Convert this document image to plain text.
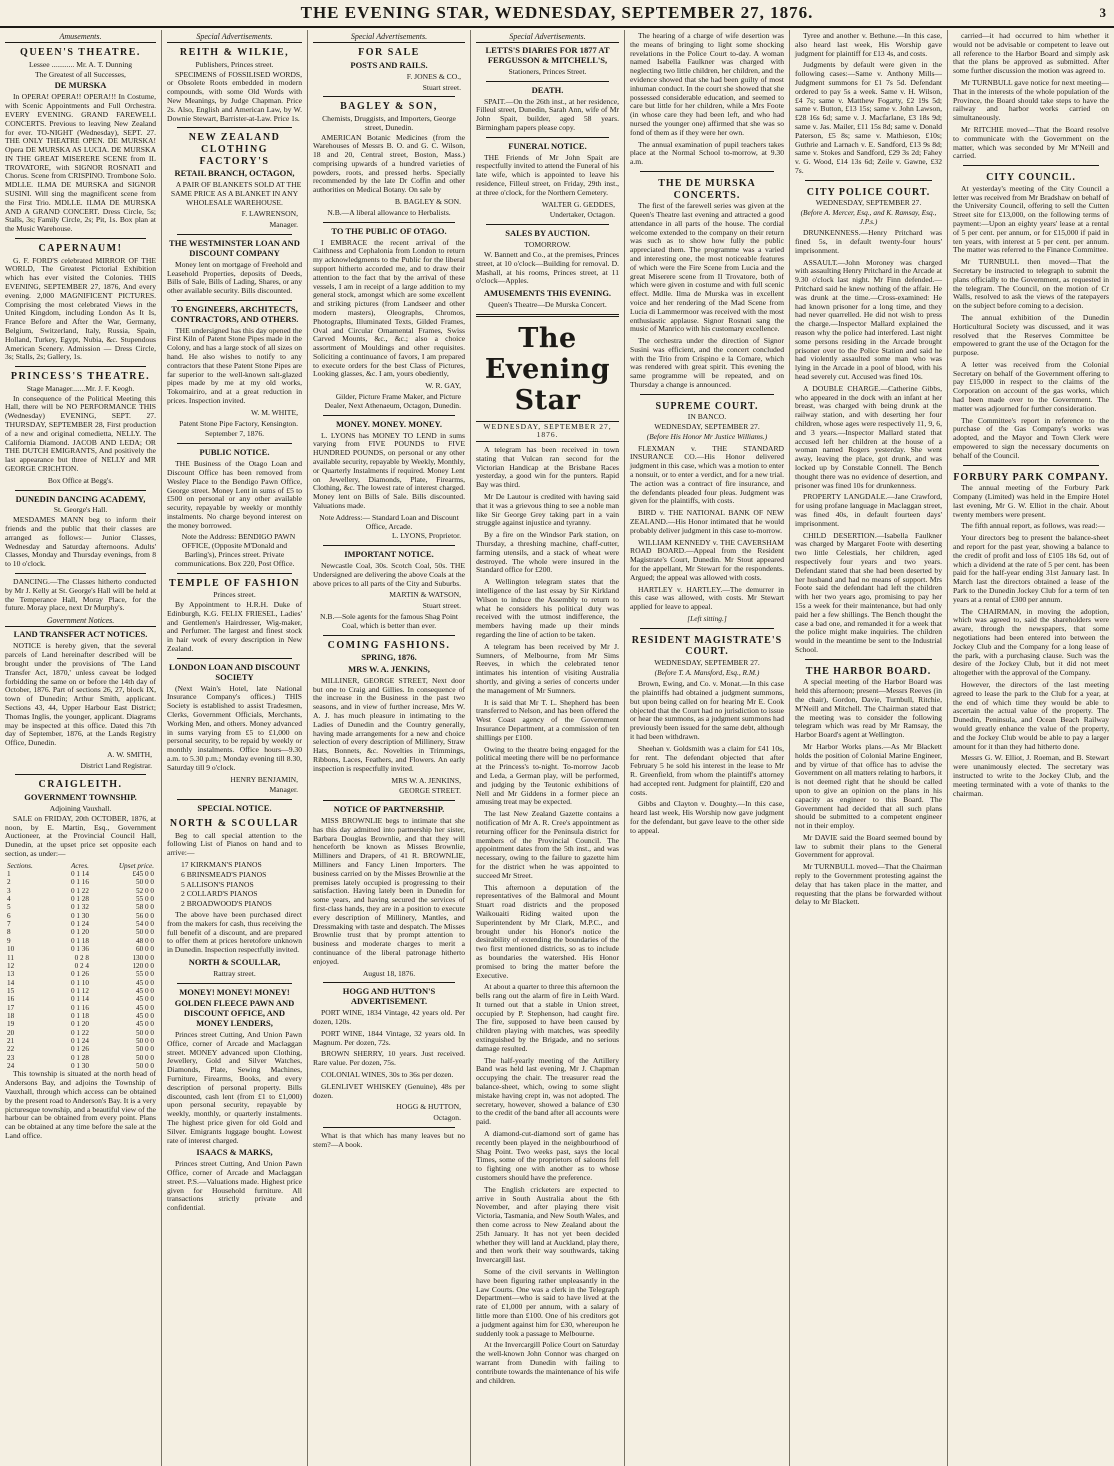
THE EVENING STAR, WEDNESDAY, SEPTEMBER 27, 1876.	3
Amusements.
QUEEN'S THEATRE.
Lessee ............ Mr. A. T. Dunning
The Greatest of all Successes,
DE MURSKA

In OPERA! OPERA!! OPERA!!! In Costume, with Scenic Appointments and Full Orchestra. EVERY EVENING. GRAND FAREWELL CONCERTS. Previous to leaving New Zealand for ever. TO-NIGHT (Wednesday), SEPT. 27. THE ONLY THEATRE OPEN. DE MURSKA! Opera DE MURSKA AS LUCIA. DE MURSKA IN THE GREAT MISERERE SCENE from IL TROVATORE, with SIGNOR ROSNATI and Chorus. Scene from CRISPINO. Trombone Solo. MDLLE. ILMA DE MURSKA and SIGNOR SUSINI. Will sing the magnificent scene from the First Trio. MDLLE. ILMA DE MURSKA AND A GRAND CONCERT. Dress Circle, 5s; Stalls, 3s; Family Circle, 2s; Pit, 1s. Box plan at the Music Warehouse.

CAPERNAUM!

G. F. FORD'S celebrated MIRROR OF THE WORLD, The Greatest Pictorial Exhibition which has ever visited the Colonies. THIS EVENING, SEPTEMBER 27, 1876, And every evening. 2,000 MAGNIFICENT PICTURES. Comprising the most celebrated Views in the United Kingdom, including London As It Is, France Before and After the War, Germany, Belgium, Switzerland, Italy, Russia, Spain, Holland, Turkey, Egypt, Nubia, &c. Stupendous American Scenery. Admission — Dress Circle, 3s; Stalls, 2s; Gallery, 1s.

PRINCESS'S THEATRE.
Stage Manager.......Mr. J. F. Keogh.

In consequence of the Political Meeting this Hall, there will be NO PERFORMANCE THIS (Wednesday) EVENING, SEPT. 27. THURSDAY, SEPTEMBER 28, First production of a new and original comedietta, NELLY. The California Diamond. JACOB AND LEDA; OR THE DUTCH EMIGRANTS, And positively the last appearance but three of NELLY and MR GEORGE CRICHTON.

Box Office at Begg's.
DUNEDIN DANCING ACADEMY,
St. George's Hall.

MESDAMES MANN beg to inform their friends and the public that their classes are arranged as follows:— Junior Classes, Wednesday and Saturday afternoons. Adults' Classes, Monday and Thursday evenings, from 8 to 10 o'clock.

DANCING.—The Classes hitherto conducted by Mr J. Kelly at St. George's Hall will be held at the Temperance Hall, Moray Place, for the future. Moray place, next Dr Murphy's.

Government Notices.
LAND TRANSFER ACT NOTICES.

NOTICE is hereby given, that the several parcels of Land hereinafter described will be brought under the provisions of 'The Land Transfer Act, 1870,' unless caveat be lodged forbidding the same on or before the 14th day of October, 1876. Part of sections 26, 27, block IX, town of Dunedin; Arthur Smith, applicant. Sections 43, 44, Upper Harbour East District; Thomas Inglis, the younger, applicant. Diagrams may be inspected at this office. Dated this 7th day of September, 1876, at the Lands Registry Office, Dunedin.

A. W. SMITH,
District Land Registrar.
CRAIGLEITH.
GOVERNMENT TOWNSHIP.
Adjoining Vauxhall.

SALE on FRIDAY, 20th OCTOBER, 1876, at noon, by E. Martin, Esq., Government Auctioneer, at the Provincial Council Hall, Dunedin, at the upset price set opposite each section, as under:—

Sections.	Acres.	Upset price.
1	0 1 14	£45 0 0
2	0 1 16	50 0 0
3	0 1 22	52 0 0
4	0 1 28	55 0 0
5	0 1 32	58 0 0
6	0 1 30	56 0 0
7	0 1 24	54 0 0
8	0 1 20	50 0 0
9	0 1 18	48 0 0
10	0 1 36	60 0 0
11	0 2 8	130 0 0
12	0 2 4	120 0 0
13	0 1 26	55 0 0
14	0 1 10	45 0 0
15	0 1 12	45 0 0
16	0 1 14	45 0 0
17	0 1 16	45 0 0
18	0 1 18	45 0 0
19	0 1 20	45 0 0
20	0 1 22	50 0 0
21	0 1 24	50 0 0
22	0 1 26	50 0 0
23	0 1 28	50 0 0
24	0 1 30	50 0 0

This township is situated at the north head of Andersons Bay, and adjoins the Township of Vauxhall, through which access can be obtained by the present road to Anderson's Bay. It is a very picturesque township, and a beautiful view of the harbour can be obtained from every point. Plans can be obtained at any time before the sale at the Land office.

Special Advertisements.
REITH & WILKIE,
Publishers, Princes street.

SPECIMENS of FOSSILISED WORDS, or Obsolete Roots embedded in modern compounds, with some Old Words with New Meanings, by Judge Chapman. Price 2s. Also, English and American Law, by W. Downie Stewart, Barrister-at-Law. Price 1s.

NEW ZEALAND CLOTHING FACTORY'S
RETAIL BRANCH, OCTAGON,

A PAIR OF BLANKETS SOLD AT THE SAME PRICE AS A BLANKET IN ANY WHOLESALE WAREHOUSE.

F. LAWRENSON,
Manager.
THE WESTMINSTER LOAN AND DISCOUNT COMPANY

Money lent on mortgage of Freehold and Leasehold Properties, deposits of Deeds, Bills of Sale, Bills of Lading, Shares, or any other available security. Bills discounted.

TO ENGINEERS, ARCHITECTS, CONTRACTORS, AND OTHERS.

THE undersigned has this day opened the First Kiln of Patent Stone Pipes made in the Colony, and has a large stock of all sizes on hand. He also wishes to notify to any contractors that these Patent Stone Pipes are far superior to the well-known salt-glazed pipes made by me at my old works, Tokomairiro, and at a great reduction in prices. Inspection invited.

W. M. WHITE,
Patent Stone Pipe Factory, Kensington.
September 7, 1876.
PUBLIC NOTICE.

THE Business of the Otago Loan and Discount Office has been removed from Wesley Place to the Bendigo Pawn Office, George street. Money Lent in sums of £5 to £500 on personal or any other available security, repayable by weekly or monthly instalments. No charge beyond interest on the money borrowed.

Note the Address: BENDIGO PAWN OFFICE, (Opposite M'Donald and Barling's), Princes street. Private communications. Box 220, Post Office.

TEMPLE OF FASHION
Princes street.

By Appointment to H.R.H. Duke of Edinburgh, K.G. FELIX FRIESEL, Ladies' and Gentlemen's Hairdresser, Wig-maker, and Perfumer. The largest and finest stock in hair work of every description in New Zealand.

LONDON LOAN AND DISCOUNT SOCIETY

(Next Wain's Hotel, late National Insurance Company's offices.) THIS Society is established to assist Tradesmen, Clerks, Government Officials, Merchants, Working Men, and others. Money advanced in sums varying from £5 to £1,000 on personal security, to be repaid by weekly or monthly instalments. Office hours—9.30 a.m. to 5.30 p.m.; Monday evening till 8.30, Saturday till 9 o'clock.

HENRY BENJAMIN,
Manager.
SPECIAL NOTICE.
NORTH & SCOULLAR

Beg to call special attention to the following List of Pianos on hand and to arrive:—

17 KIRKMAN'S PIANOS
6 BRINSMEAD'S PIANOS
5 ALLISON'S PIANOS
2 COLLARD'S PIANOS
2 BROADWOOD'S PIANOS

The above have been purchased direct from the makers for cash, thus receiving the full benefit of a discount, and are prepared to offer them at prices heretofore unknown in Dunedin. Inspection respectfully invited.

NORTH & SCOULLAR,
Rattray street.
MONEY! MONEY! MONEY!
GOLDEN FLEECE PAWN AND DISCOUNT OFFICE, AND MONEY LENDERS,

Princes street Cutting, And Union Pawn Office, corner of Arcade and Maclaggan street. MONEY advanced upon Clothing, Jewellery, Gold and Silver Watches, Diamonds, Plate, Sewing Machines, Furniture, Firearms, Books, and every description of personal property. Bills discounted, cash lent (from £1 to £1,000) upon personal security, repayable by weekly, monthly, or quarterly instalments. The highest price given for old Gold and Silver. Emigrants luggage bought. Lowest rate of interest charged.

ISAACS & MARKS,

Princes street Cutting, And Union Pawn Office, corner of Arcade and Maclaggan street. P.S.—Valuations made. Highest price given for Household furniture. All transactions strictly private and confidential.

Special Advertisements.
FOR SALE
POSTS AND RAILS.
F. JONES & CO.,
Stuart street.
BAGLEY & SON,
Chemists, Druggists, and Importers, George street, Dunedin.

AMERICAN Botanic Medicines (from the Warehouses of Messrs B. O. and G. C. Wilson, 18 and 20, Central street, Boston, Mass.) comprising upwards of a hundred varieties of powders, roots, and pressed herbs. Specially recommended by the late Dr Coffin and other authorities on Medical Botany. On sale by

B. BAGLEY & SON.
N.B.—A liberal allowance to Herbalists.
TO THE PUBLIC OF OTAGO.

I EMBRACE the recent arrival of the Caithness and Cephalonia from London to return my acknowledgments to the Public for the liberal support hitherto accorded me, and to draw their attention to the fact that by the arrival of these vessels, I am in receipt of a large addition to my general stock, amongst which are some excellent and striking pictures (from Landseer and other modern masters), Oleographs, Chromos, Photographs, Illuminated Texts, Gilded Frames, Oval and Circular Ornamental Frames, Swiss Carved Mounts, &c., &c.; also a choice assortment of Mouldings and other requisites. Soliciting a continuance of favors, I am prepared to execute orders for the best Class of Pictures, Looking glasses, &c. I am, yours obediently,

W. R. GAY,
Gilder, Picture Frame Maker, and Picture Dealer, Next Athenaeum, Octagon, Dunedin.
MONEY. MONEY. MONEY.

L. LYONS has MONEY TO LEND in sums varying from FIVE POUNDS to FIVE HUNDRED POUNDS, on personal or any other available security, repayable by Weekly, Monthly, or Quarterly Instalments if required. Money Lent on Jewellery, Diamonds, Plate, Firearms, Clothing, &c. The lowest rate of interest charged. Money lent on Bills of Sale. Bills discounted. Valuations made.

Note Address:— Standard Loan and Discount Office, Arcade.
L. LYONS, Proprietor.
IMPORTANT NOTICE.

Newcastle Coal, 30s. Scotch Coal, 50s. THE Undersigned are delivering the above Coals at the above prices to all parts of the City and Suburbs.

MARTIN & WATSON,
Stuart street.
N.B.—Sole agents for the famous Shag Point Coal, which is better than ever.
COMING FASHIONS.
SPRING, 1876.
MRS W. A. JENKINS,

MILLINER, GEORGE STREET, Next door but one to Craig and Gillies. In consequence of the increase in the Business in the past two seasons, and in view of further increase, Mrs W. A. J. has much pleasure in intimating to the Ladies of Dunedin and the Country generally, having made arrangements for a new and choice selection of every description of Millinery, Straw Hats, Bonnets, &c. Novelties in Trimmings, Ribbons, Laces, Feathers, and Flowers. An early inspection is respectfully invited.

MRS W. A. JENKINS,
GEORGE STREET.
NOTICE OF PARTNERSHIP.

MISS BROWNLIE begs to intimate that she has this day admitted into partnership her sister, Barbara Douglas Brownlie, and that they will henceforth be known as Misses Brownlie, Milliners and Drapers, of 41 R. BROWNLIE, Milliners and Fancy Linen Importers. The business carried on by the Misses Brownlie at the premises lately occupied is progressing to their satisfaction. Having lately been in Dunedin for some years, and having secured the services of first-class hands, they are in a position to execute every description of Millinery, Mantles, and Dressmaking with taste and despatch. The Misses Brownlie trust that by prompt attention to business and moderate charges to merit a continuance of the liberal patronage hitherto enjoyed.

August 18, 1876.
HOGG AND HUTTON'S ADVERTISEMENT.

PORT WINE, 1834 Vintage, 42 years old. Per dozen, 120s.

PORT WINE, 1844 Vintage, 32 years old. In Magnum. Per dozen, 72s.

BROWN SHERRY, 10 years. Just received. Rare value. Per dozen, 75s.

COLONIAL WINES, 30s to 36s per dozen.

GLENLIVET WHISKEY (Genuine), 48s per dozen.

HOGG & HUTTON,
Octagon.

What is that which has many leaves but no stem?—A book.

Special Advertisements.
LETTS'S DIARIES FOR 1877 AT FERGUSSON & MITCHELL'S,
Stationers, Princes Street.
DEATH.

SPAIT.—On the 26th inst., at her residence, Filleul street, Dunedin, Sarah Ann, wife of Mr John Spait, builder, aged 58 years. Birmingham papers please copy.

FUNERAL NOTICE.

THE Friends of Mr John Spait are respectfully invited to attend the Funeral of his late wife, which is appointed to leave his residence, Filleul street, on Friday, 29th inst., at three o'clock, for the Northern Cemetery.

WALTER G. GEDDES,
Undertaker, Octagon.
SALES BY AUCTION.
TOMORROW.

W. Bannett and Co., at the premises, Princes street, at 10 o'clock—Building for removal. D. Mashall, at his rooms, Princes street, at 11 o'clock—Apples.

AMUSEMENTS THIS EVENING.
Queen's Theatre—De Murska Concert.
The Evening Star
WEDNESDAY, SEPTEMBER 27, 1876.

A telegram has been received in town stating that Vulcan ran second for the Victorian Handicap at the Brisbane Races yesterday, a good win for the punters. Rapid Bay was third.

Mr De Lautour is credited with having said that it was a grievous thing to see a noble man like Sir George Grey taking part in a vain struggle against injustice and tyranny.

By a fire on the Windsor Park station, on Thursday, a threshing machine, chaff-cutter, farming utensils, and a stack of wheat were destroyed. The whole were insured in the Standard office for £200.

A Wellington telegram states that the intelligence of the last essay by Sir Kirkland Wilson to induce the Assembly to return to what he considers his political duty was received with the utmost indifference, the members having made up their minds regarding the line of action to be taken.

A telegram has been received by Mr J. Sumners, of Melbourne, from Mr Sims Reeves, in which the celebrated tenor intimates his intention of visiting Australia shortly, and giving a series of concerts under the management of Mr Sumners.

It is said that Mr T. L. Shepherd has been transferred to Nelson, and has been offered the West Coast agency of the Government Insurance Department, at a commission of ten shillings per £100.

Owing to the theatre being engaged for the political meeting there will be no performance at the Princess's to-night. To-morrow Jacob and Leda, a German play, will be performed, and judging by the Teutonic exhibitions of Nell and Mr Giddens in a former piece an amusing treat may be expected.

The last New Zealand Gazette contains a notification of Mr A. R. Cree's appointment as returning officer for the Peninsula district for members of the Provincial Council. The appointment dates from the 5th inst., and was necessary, owing to the failure to gazette him for the district when he was appointed to succeed Mr Street.

This afternoon a deputation of the representatives of the Balmoral and Mount Stuart road districts and the proposed Waikouaiti Riding waited upon the Superintendent by Mr Clark, M.P.C., and brought under his Honor's notice the desirability of extending the boundaries of the two first mentioned districts, so as to include as boundaries the watershed. His Honor promised to bring the matter before the Executive.

At about a quarter to three this afternoon the bells rang out the alarm of fire in Leith Ward. It turned out that a stable in Union street, occupied by P. Stephenson, had caught fire. The fire, supposed to have been caused by children playing with matches, was speedily extinguished by the Brigade, and no serious damage resulted.

The half-yearly meeting of the Artillery Band was held last evening, Mr J. Chapman occupying the chair. The treasurer read the balance-sheet, which, owing to some slight mistake having crept in, was not adopted. The secretary, however, showed a balance of £30 to the credit of the band after all accounts were paid.

A diamond-cut-diamond sort of game has recently been played in the neighbourhood of Shag Point. Two weeks past, says the local Times, some of the proprietors of saloons fell to fighting one with another as to whose customers should have the preference.

The English cricketers are expected to arrive in South Australia about the 6th November, and after playing there visit Victoria, Tasmania, and New South Wales, and then come across to New Zealand about the 25th January. It has not yet been decided whether they will land at Auckland, play there, and then work their way southwards, taking Invercargill last.

Some of the civil servants in Wellington have been figuring rather unpleasantly in the Law Courts. One was a clerk in the Telegraph Department—who is said to have lived at the rate of £1,000 per annum, with a salary of little more than £100. One of his creditors got a judgment against him for £30, whereupon he suddenly took a passage to Melbourne.

At the Invercargill Police Court on Saturday the well-known John Connor was charged on warrant from Dunedin with failing to contribute towards the maintenance of his wife and children.

The hearing of a charge of wife desertion was the means of bringing to light some shocking revelations in the Police Court to-day. A woman named Isabella Faulkner was charged with neglecting two little children, her children, and the evidence showed that she had been guilty of most inhuman conduct. In the court she showed that she possessed considerable education, and seemed to care but little for her children, while a Mrs Foote (in whose care they had been left, and who had nursed the younger one) affirmed that she was so fond of them as if they were her own.

The annual examination of pupil teachers takes place at the Normal School to-morrow, at 9.30 a.m.

THE DE MURSKA CONCERTS.

The first of the farewell series was given at the Queen's Theatre last evening and attracted a good attendance in all parts of the house. The cordial welcome extended to the company on their return was such as to show how fully the public appreciated them. The programme was a varied and interesting one, the most noticeable features of which were the Fire Scene from Lucia and the great Miserere scene from Il Trovatore, both of which were given in costume and with full scenic effect. Mdlle. Ilma de Murska was in excellent voice and her rendering of the Mad Scene from Lucia di Lammermoor was received with the most enthusiastic applause. Signor Rosnati sang the music of Manrico with his customary excellence.

The orchestra under the direction of Signor Susini was efficient, and the concert concluded with the Trio from Crispino e la Comare, which was rendered with great spirit. This evening the same programme will be repeated, and on Thursday a change is announced.

SUPREME COURT.
IN BANCO.
WEDNESDAY, SEPTEMBER 27.
(Before His Honor Mr Justice Williams.)

FLEXMAN v. THE STANDARD INSURANCE CO.—His Honor delivered judgment in this case, which was a motion to enter a nonsuit, or to enter a verdict, and for a new trial. The action was a contract of fire insurance, and the defendants pleaded four pleas. Judgment was given for the plaintiffs, with costs.

BIRD v. THE NATIONAL BANK OF NEW ZEALAND.—His Honor intimated that he would probably deliver judgment in this case to-morrow.

WILLIAM KENNEDY v. THE CAVERSHAM ROAD BOARD.—Appeal from the Resident Magistrate's Court, Dunedin. Mr Stout appeared for the appellant, Mr Stewart for the respondents. Argued; the appeal was allowed with costs.

HARTLEY v. HARTLEY.—The demurrer in this case was allowed, with costs. Mr Stewart applied for leave to appeal.

[Left sitting.]
RESIDENT MAGISTRATE'S COURT.
WEDNESDAY, SEPTEMBER 27.
(Before T. A. Mansford, Esq., R.M.)

Brown, Ewing, and Co. v. Monat.—In this case the plaintiffs had obtained a judgment summons, but upon being called on for hearing Mr E. Cook objected that the Court had no jurisdiction to issue or hear the summons, as a judgment summons had previously been issued for the same debt, although it had been withdrawn.

Sheehan v. Goldsmith was a claim for £41 10s, for rent. The defendant objected that after February 5 he sold his interest in the lease to Mr R. Greenfield, from whom the plaintiff's attorney had accepted rent. Judgment for plaintiff, £20 and costs.

Gibbs and Clayton v. Doughty.—In this case, heard last week, His Worship now gave judgment for the defendant, but gave leave to the other side to appeal.

Tyree and another v. Bethune.—In this case, also heard last week, His Worship gave judgment for plaintiff for £13 4s, and costs.

Judgments by default were given in the following cases:—Same v. Anthony Mills—Judgment summons for £1 7s 5d. Defendant ordered to pay 5s a week. Same v. H. Wilson, £4 7s; same v. Matthew Fogarty, £2 19s 5d; same v. Button, £13 15s; same v. John Lawson, £28 16s 6d; same v. J. Macfarlane, £3 18s 9d; same v. Jas. Mailer, £11 15s 8d; same v. Donald Paterson, £5 8s; same v. Mathieson, £10s; Guthrie and Larnach v. E. Sandford, £13 9s 8d; same v. Stokes and Sandford, £29 3s 2d; Fahey v. G. Wood, £14 13s 6d; Zeile v. Gawne, £32 7s.

CITY POLICE COURT.
WEDNESDAY, SEPTEMBER 27.
(Before A. Mercer, Esq., and K. Ramsay, Esq., J.P.s.)

DRUNKENNESS.—Henry Pritchard was fined 5s, in default twenty-four hours' imprisonment.

ASSAULT.—John Moroney was charged with assaulting Henry Pritchard in the Arcade at 9.30 o'clock last night. Mr Finn defended.—Pritchard said he knew nothing of the affair. He was drunk at the time.—Cross-examined: He had known prisoner for a long time, and they had never quarrelled. He did not wish to press the charge.—Inspector Mallard explained the reason why the police had interfered. Last night some persons residing in the Arcade brought prisoner over to the Police Station and said he had violently assaulted some man who was lying in the Arcade in a pool of blood, with his head severely cut. Accused was fined 10s.

A DOUBLE CHARGE.—Catherine Gibbs, who appeared in the dock with an infant at her breast, was charged with being drunk at the railway station, and with deserting her four children, whose ages were respectively 11, 9, 6, and 3 years.—Inspector Mallard stated that accused left her children at the house of a woman named Rogers yesterday. She went away, leaving the place, got drunk, and was locked up by Constable Connell. The Bench thought there was no evidence of desertion, and prisoner was fined 10s for drunkenness.

PROPERTY LANGDALE.—Jane Crawford, for using profane language in Maclaggan street, was fined 40s, in default fourteen days' imprisonment.

CHILD DESERTION.—Isabella Faulkner was charged by Margaret Foote with deserting two little Celestials, her children, aged respectively four years and two years. Defendant stated that she had been deserted by her husband and had no means of support. Mrs Foote said the defendant had left the children with her two years ago, promising to pay her 15s a week for their maintenance, but had only paid her a few shillings. The Bench thought the case a bad one, and remanded it for a week that the police might make inquiries. The children would in the meantime be sent to the Industrial School.

THE HARBOR BOARD.

A special meeting of the Harbor Board was held this afternoon; present—Messrs Reeves (in the chair), Gordon, Davie, Turnbull, Ritchie, M'Neill and Mitchell. The Chairman stated that the meeting was to consider the following telegram which was read by Mr Ramsay, the Harbor Board's agent at Wellington.

Mr Harbor Works plans.—As Mr Blackett holds the position of Colonial Marine Engineer, and by virtue of that office has to advise the Government on all matters relating to harbors, it is not deemed right that he should be called upon to give an opinion on the plans in his capacity as engineer to this Board. The Government had decided that all such plans should be submitted to a competent engineer not in their employ.

Mr DAVIE said the Board seemed bound by law to submit their plans to the General Government for approval.

Mr TURNBULL moved—That the Chairman reply to the Government protesting against the delay that has taken place in the matter, and requesting that the plans be forwarded without delay to Mr Blackett.

carried—it had occurred to him whether it would not be advisable or competent to leave out all reference to the Harbor Board and simply ask that the plans be approved as submitted. After some further discussion the motion was agreed to.

Mr TURNBULL gave notice for next meeting—That in the interests of the whole population of the Province, the Board should take steps to have the railway and harbor works carried on simultaneously.

Mr RITCHIE moved—That the Board resolve to communicate with the Government on the matter, which was seconded by Mr M'Neill and carried.

CITY COUNCIL.

At yesterday's meeting of the City Council a letter was received from Mr Bradshaw on behalf of the University Council, offering to sell the Cutten Street site for £13,000, on the following terms of payment:—Upon an eighty years' lease at a rental of 5 per cent. per annum, or for £15,000 if paid in ten years, with interest at 5 per cent. per annum. The matter was referred to the Finance Committee.

Mr TURNBULL then moved—That the Secretary be instructed to telegraph to submit the plans officially to the Government, as requested in the telegram. The Council, on the motion of Cr Walls, resolved to ask the views of the ratepayers on the subject before coming to a decision.

The annual exhibition of the Dunedin Horticultural Society was discussed, and it was resolved that the Reserves Committee be empowered to grant the use of the Octagon for the purpose.

A letter was received from the Colonial Secretary on behalf of the Government offering to pay £15,000 in respect to the claims of the Corporation on account of the gas works, which had been made over to the Government. The matter was adjourned for further consideration.

The Committee's report in reference to the purchase of the Gas Company's works was adopted, and the Mayor and Town Clerk were empowered to sign the necessary documents on behalf of the Council.

FORBURY PARK COMPANY.

The annual meeting of the Forbury Park Company (Limited) was held in the Empire Hotel last evening, Mr G. W. Elliot in the chair. About twenty members were present.

The fifth annual report, as follows, was read:—

Your directors beg to present the balance-sheet and report for the past year, showing a balance to the credit of profit and loss of £105 18s 6d, out of which a dividend at the rate of 5 per cent. has been paid for the half-year ending 31st January last. In March last the directors obtained a lease of the Park to the Dunedin Jockey Club for a term of ten years at a rental of £300 per annum.

The CHAIRMAN, in moving the adoption, which was agreed to, said the shareholders were aware, through the newspapers, that some negotiations had been entered into between the Jockey Club and the Company for a long lease of the park, with a purchasing clause. Such was the desire of the Jockey Club, but it did not meet altogether with the approval of the Company.

However, the directors of the last meeting agreed to lease the park to the Club for a year, at the end of which time they would be able to ascertain the actual value of the property. The Dunedin, Peninsula, and Ocean Beach Railway would greatly enhance the value of the property, and the Jockey Club would be able to pay a larger amount for it than they had hitherto done.

Messrs G. W. Elliot, J. Roeman, and B. Stewart were unanimously elected. The secretary was instructed to write to the Jockey Club, and the meeting terminated with a vote of thanks to the chairman.
